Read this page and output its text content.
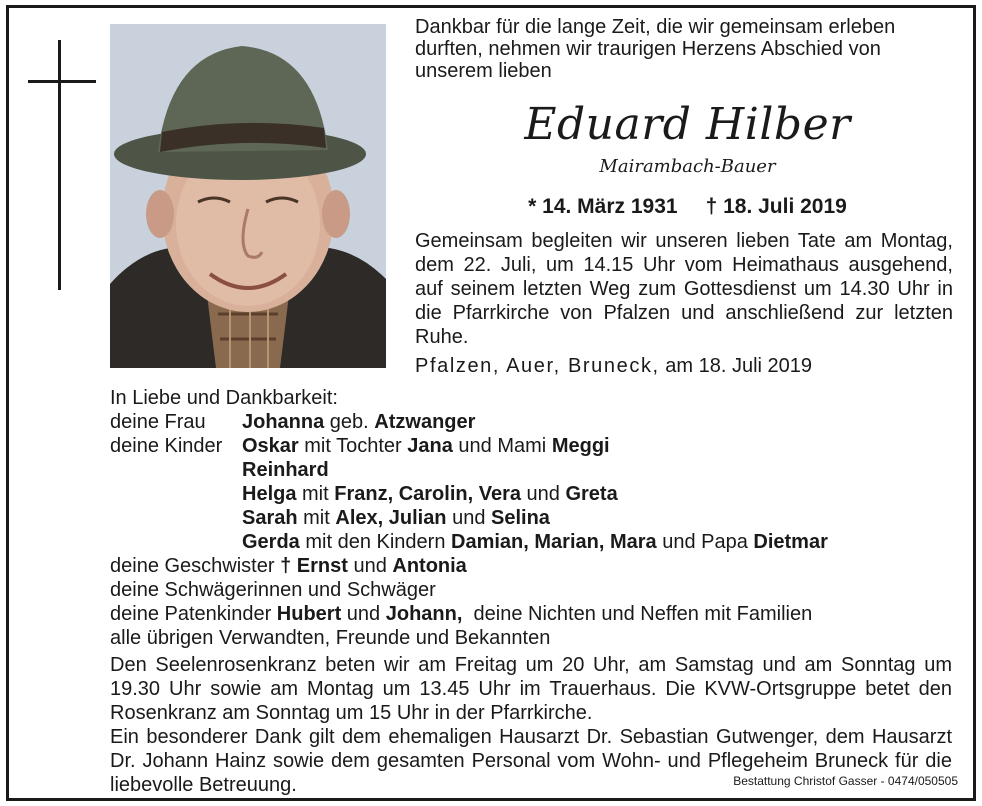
Dankbar für die lange Zeit, die wir gemeinsam erleben durften, nehmen wir traurigen Herzens Abschied von unserem lieben
Eduard Hilber
Mairambach-Bauer
* 14. März 1931 † 18. Juli 2019
Gemeinsam begleiten wir unseren lieben Tate am Montag, dem 22. Juli, um 14.15 Uhr vom Heimathaus ausgehend, auf seinem letzten Weg zum Gottesdienst um 14.30 Uhr in die Pfarrkirche von Pfalzen und anschließend zur letzten Ruhe.
Pfalzen, Auer, Bruneck, am 18. Juli 2019
In Liebe und Dankbarkeit:
deine Frau Johanna geb. Atzwanger
deine Kinder Oskar mit Tochter Jana und Mami Meggi
Reinhard
Helga mit Franz, Carolin, Vera und Greta
Sarah mit Alex, Julian und Selina
Gerda mit den Kindern Damian, Marian, Mara und Papa Dietmar
deine Geschwister † Ernst und Antonia
deine Schwägerinnen und Schwäger
deine Patenkinder Hubert und Johann,  deine Nichten und Neffen mit Familien
alle übrigen Verwandten, Freunde und Bekannten
Den Seelenrosenkranz beten wir am Freitag um 20 Uhr, am Samstag und am Sonntag um 19.30 Uhr sowie am Montag um 13.45 Uhr im Trauerhaus. Die KVW-Ortsgruppe betet den Rosenkranz am Sonntag um 15 Uhr in der Pfarrkirche.
Ein besonderer Dank gilt dem ehemaligen Hausarzt Dr. Sebastian Gutwenger, dem Hausarzt Dr. Johann Hainz sowie dem gesamten Personal vom Wohn- und Pflegeheim Bruneck für die liebevolle Betreuung.	Bestattung Christof Gasser - 0474/050505
